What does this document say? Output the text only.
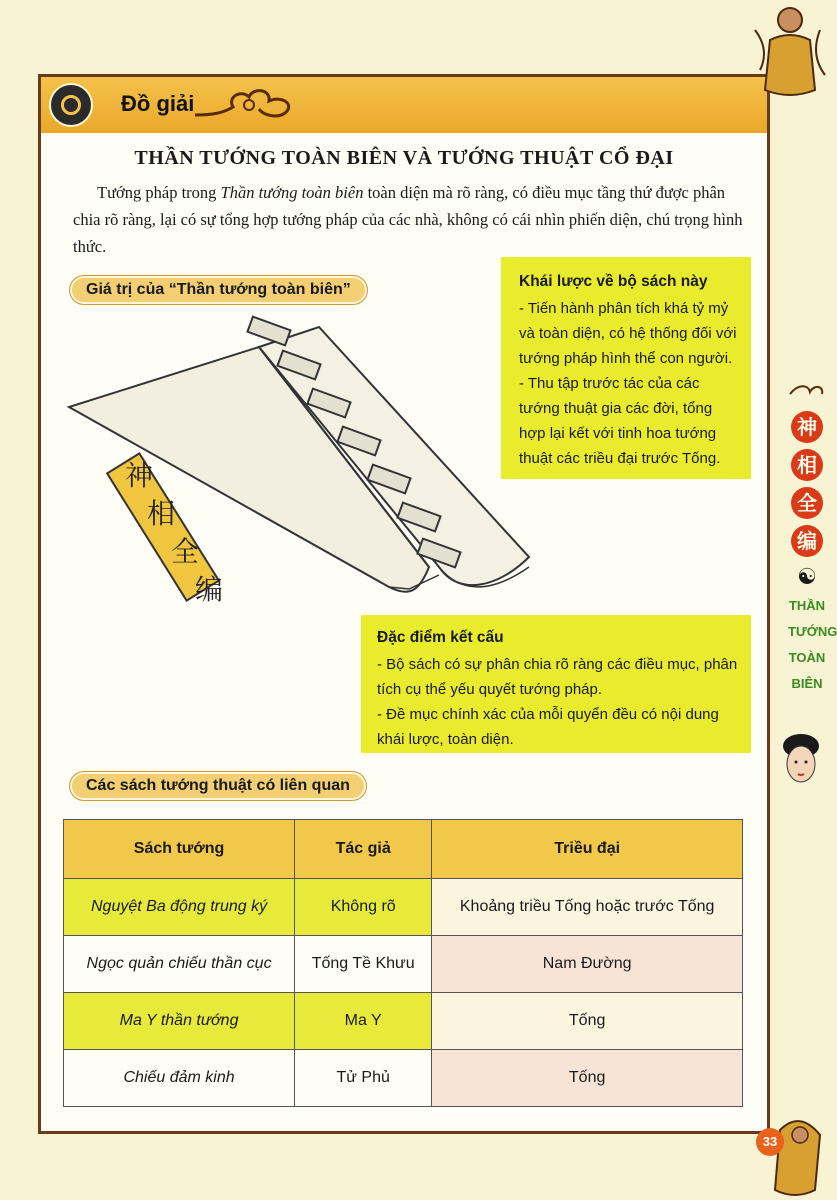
Đồ giải
THẦN TƯỚNG TOÀN BIÊN VÀ TƯỚNG THUẬT CỔ ĐẠI
Tướng pháp trong Thần tướng toàn biên toàn diện mà rõ ràng, có điều mục tầng thứ được phân chia rõ ràng, lại có sự tổng hợp tướng pháp của các nhà, không có cái nhìn phiến diện, chú trọng hình thức.
Giá trị của “Thần tướng toàn biên”	Khái lược về bộ sách này

- Tiến hành phân tích khá tỷ mỷ và toàn diện, có hệ thống đối với tướng pháp hình thể con người.

- Thu tập trước tác của các tướng thuật gia các đời, tổng hợp lại kết với tinh hoa tướng thuật các triều đại trước Tống.

神
相
全
编
Đặc điểm kết cấu

- Bộ sách có sự phân chia rõ ràng các điều mục, phân tích cụ thể yếu quyết tướng pháp.

- Đề mục chính xác của mỗi quyển đều có nội dung khái lược, toàn diện.

Các sách tướng thuật có liên quan
Sách tướng	Tác giả	Triều đại
Nguyệt Ba động trung ký	Không rõ	Khoảng triều Tống hoặc trước Tống
Ngọc quản chiếu thần cục	Tống Tề Khưu	Nam Đường
Ma Y thần tướng	Ma Y	Tống
Chiếu đảm kinh	Tử Phủ	Tống
神
相
全
编
☯
THẦN
TƯỚNG
TOÀN
BIÊN
33
